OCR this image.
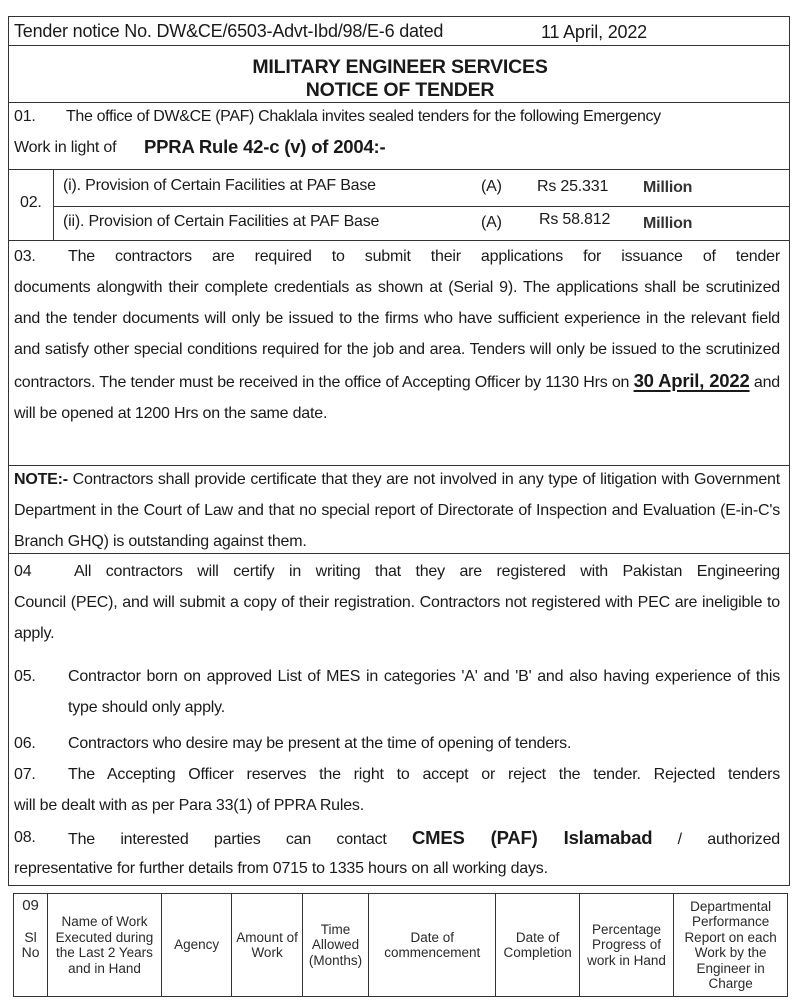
Tender notice No. DW&CE/6503-Advt-Ibd/98/E-6 dated	11 April, 2022
MILITARY ENGINEER SERVICES
NOTICE OF TENDER
01. The office of DW&CE (PAF) Chaklala invites sealed tenders for the following Emergency
Work in light of PPRA Rule 42-c (v) of 2004:-
02.
(i). Provision of Certain Facilities at PAF Base	(A) Rs 25.331 Million
(ii). Provision of Certain Facilities at PAF Base	(A) Rs 58.812 Million
03. The contractors are required to submit their applications for issuance of tender
documents alongwith their complete credentials as shown at (Serial 9). The applications shall be scrutinized and the tender documents will only be issued to the firms who have sufficient experience in the relevant field and satisfy other special conditions required for the job and area. Tenders will only be issued to the scrutinized contractors. The tender must be received in the office of Accepting Officer by 1130 Hrs on 30 April, 2022 and will be opened at 1200 Hrs on the same date.
NOTE:- Contractors shall provide certificate that they are not involved in any type of litigation with Government Department in the Court of Law and that no special report of Directorate of Inspection and Evaluation (E-in-C's Branch GHQ) is outstanding against them.
04	All contractors will certify in writing that they are registered with Pakistan Engineering
Council (PEC), and will submit a copy of their registration. Contractors not registered with PEC are ineligible to apply.
05. Contractor born on approved List of MES in categories 'A' and 'B' and also having experience of this type should only apply.
06. Contractors who desire may be present at the time of opening of tenders.
07. The Accepting Officer reserves the right to accept or reject the tender. Rejected tenders
will be dealt with as per Para 33(1) of PPRA Rules.
08. The interested parties can contact CMES (PAF) Islamabad / authorized
representative for further details from 0715 to 1335 hours on all working days.
09
Sl No
	Name of Work Executed during the Last 2 Years and in Hand	Agency	Amount of Work	Time Allowed (Months)	Date of commencement	Date of Completion	Percentage Progress of work in Hand	Departmental Performance Report on each Work by the Engineer in Charge
